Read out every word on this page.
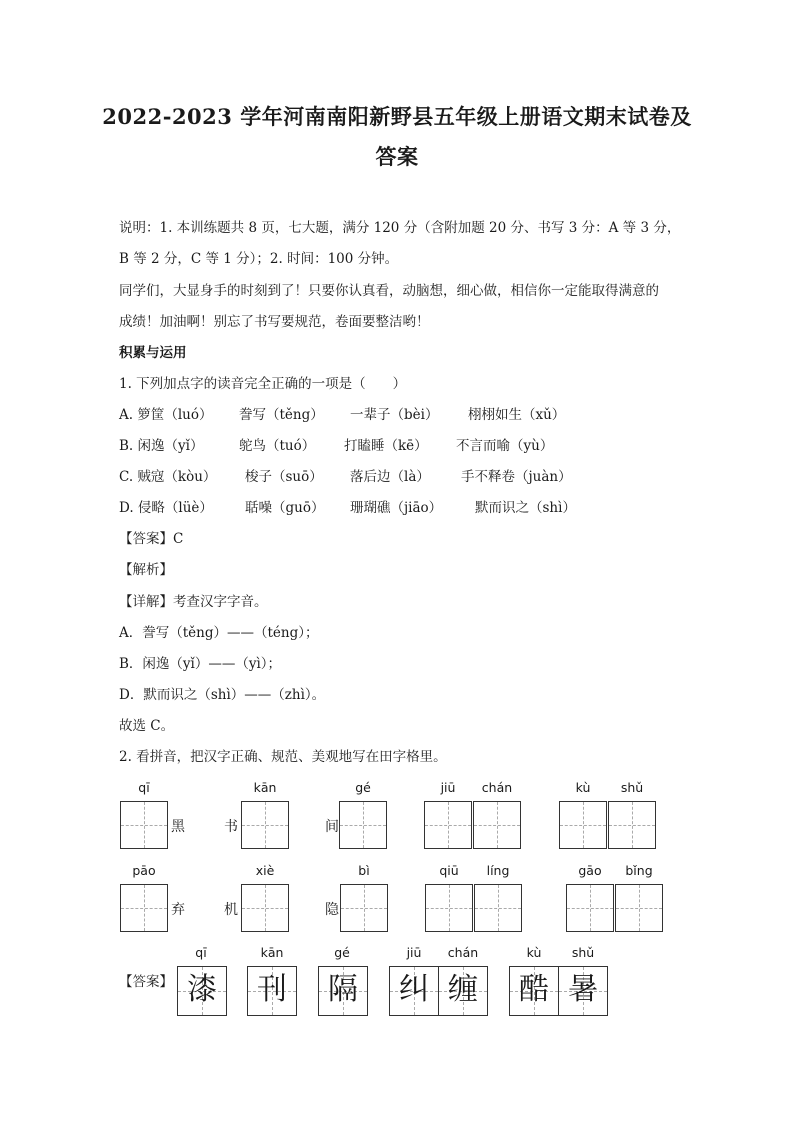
2022-2023 学年河南南阳新野县五年级上册语文期末试卷及
答案
说明：1. 本训练题共 8 页，七大题，满分 120 分（含附加题 20 分、书写 3 分：A 等 3 分，
B 等 2 分，C 等 1 分）；2. 时间：100 分钟。
同学们，大显身手的时刻到了！只要你认真看，动脑想，细心做，相信你一定能取得满意的
成绩！加油啊！别忘了书写要规范，卷面要整洁哟！
积累与运用
1. 下列加点字的读音完全正确的一项是（　　）
A. 箩筐（luó） 誊写（těng） 一辈子（bèi） 栩栩如生（xǔ）
B. 闲逸（yǐ）	鸵鸟（tuó） 打瞌睡（kē） 不言而喻（yù）
C. 贼寇（kòu） 梭子（suō） 落后边（là） 手不释卷（juàn）
D. 侵略（lüè） 聒噪（guō） 珊瑚礁（jiāo） 默而识之（shì）
【答案】C
【解析】
【详解】考查汉字字音。
A．誊写（těng）——（téng）；
B．闲逸（yǐ）——（yì）；
D．默而识之（shì）——（zhì）。
故选 C。
2. 看拼音，把汉字正确、规范、美观地写在田字格里。
qī
黑	书
kān
间
gé	jiū	chán	kù	shǔ
pāo
弃	机
xiè
隐
bì	qiū	líng	gāo	bǐng
【答案】
qī
漆
kān
刊
gé
隔
jiū
纠
chán
缠
kù
酷
shǔ
暑
